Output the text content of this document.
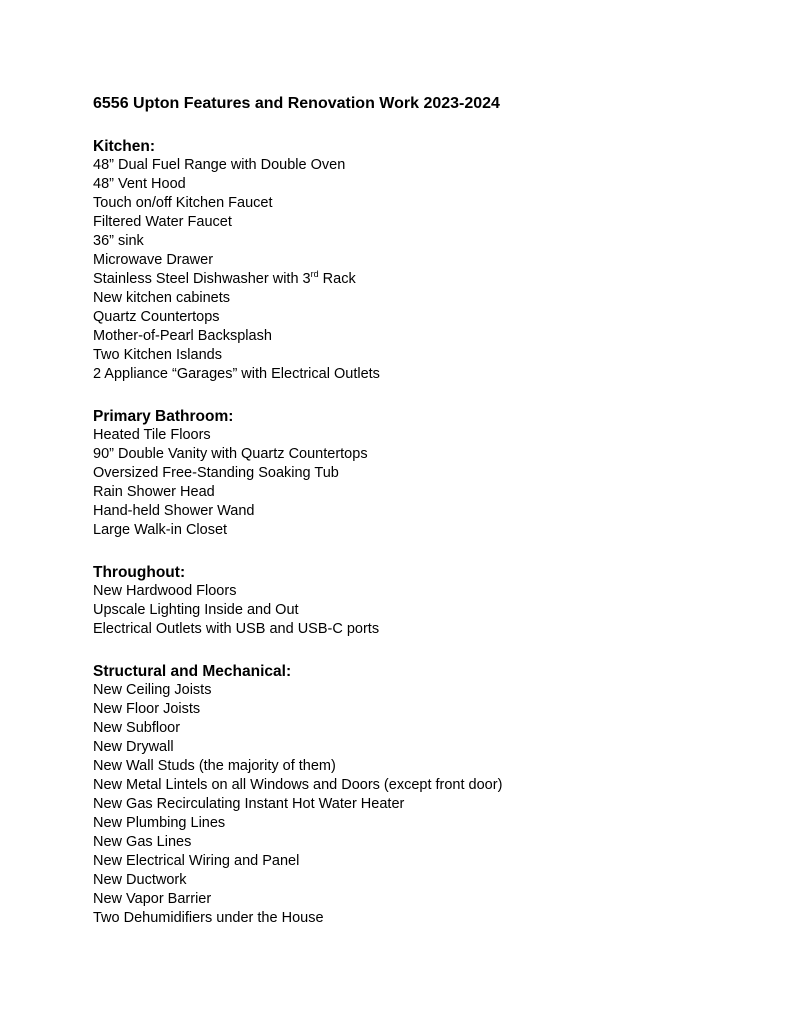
6556 Upton Features and Renovation Work 2023-2024
Kitchen:
48” Dual Fuel Range with Double Oven
48” Vent Hood
Touch on/off Kitchen Faucet
Filtered Water Faucet
36” sink
Microwave Drawer
Stainless Steel Dishwasher with 3rd Rack
New kitchen cabinets
Quartz Countertops
Mother-of-Pearl Backsplash
Two Kitchen Islands
2 Appliance “Garages” with Electrical Outlets
Primary Bathroom:
Heated Tile Floors
90” Double Vanity with Quartz Countertops
Oversized Free-Standing Soaking Tub
Rain Shower Head
Hand-held Shower Wand
Large Walk-in Closet
Throughout:
New Hardwood Floors
Upscale Lighting Inside and Out
Electrical Outlets with USB and USB-C ports
Structural and Mechanical:
New Ceiling Joists
New Floor Joists
New Subfloor
New Drywall
New Wall Studs (the majority of them)
New Metal Lintels on all Windows and Doors (except front door)
New Gas Recirculating Instant Hot Water Heater
New Plumbing Lines
New Gas Lines
New Electrical Wiring and Panel
New Ductwork
New Vapor Barrier
Two Dehumidifiers under the House
